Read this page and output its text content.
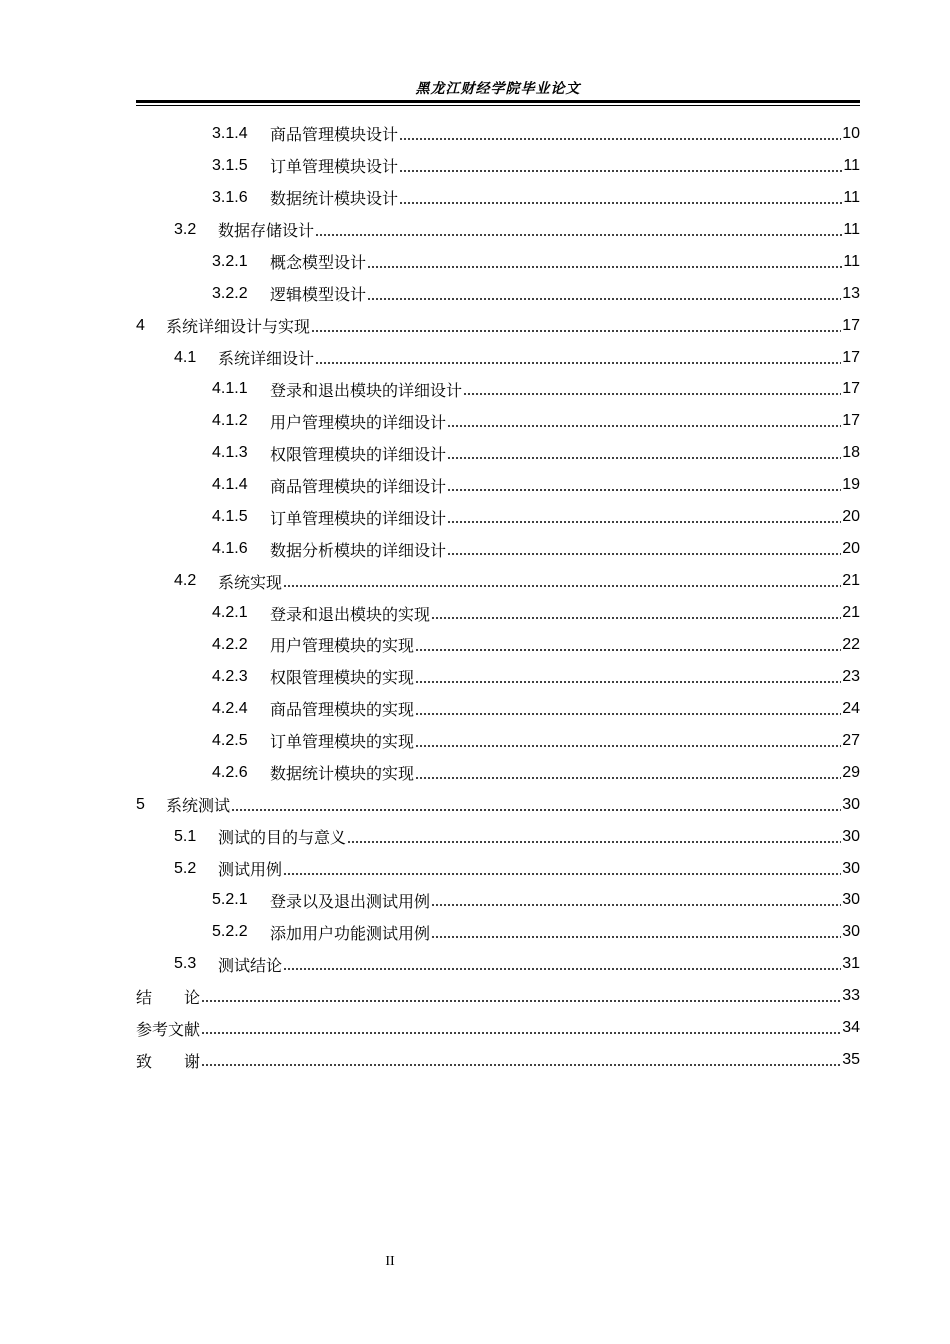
黑龙江财经学院毕业论文
3.1.4	商品管理模块设计	10
3.1.5	订单管理模块设计	11
3.1.6	数据统计模块设计	11
3.2	数据存储设计	11
3.2.1	概念模型设计	11
3.2.2	逻辑模型设计	13
4	系统详细设计与实现	17
4.1	系统详细设计	17
4.1.1	登录和退出模块的详细设计	17
4.1.2	用户管理模块的详细设计	17
4.1.3	权限管理模块的详细设计	18
4.1.4	商品管理模块的详细设计	19
4.1.5	订单管理模块的详细设计	20
4.1.6	数据分析模块的详细设计	20
4.2	系统实现	21
4.2.1	登录和退出模块的实现	21
4.2.2	用户管理模块的实现	22
4.2.3	权限管理模块的实现	23
4.2.4	商品管理模块的实现	24
4.2.5	订单管理模块的实现	27
4.2.6	数据统计模块的实现	29
5	系统测试	30
5.1	测试的目的与意义	30
5.2	测试用例	30
5.2.1	登录以及退出测试用例	30
5.2.2	添加用户功能测试用例	30
5.3	测试结论	31
结　　论	33
参考文献	34
致　　谢	35
II
